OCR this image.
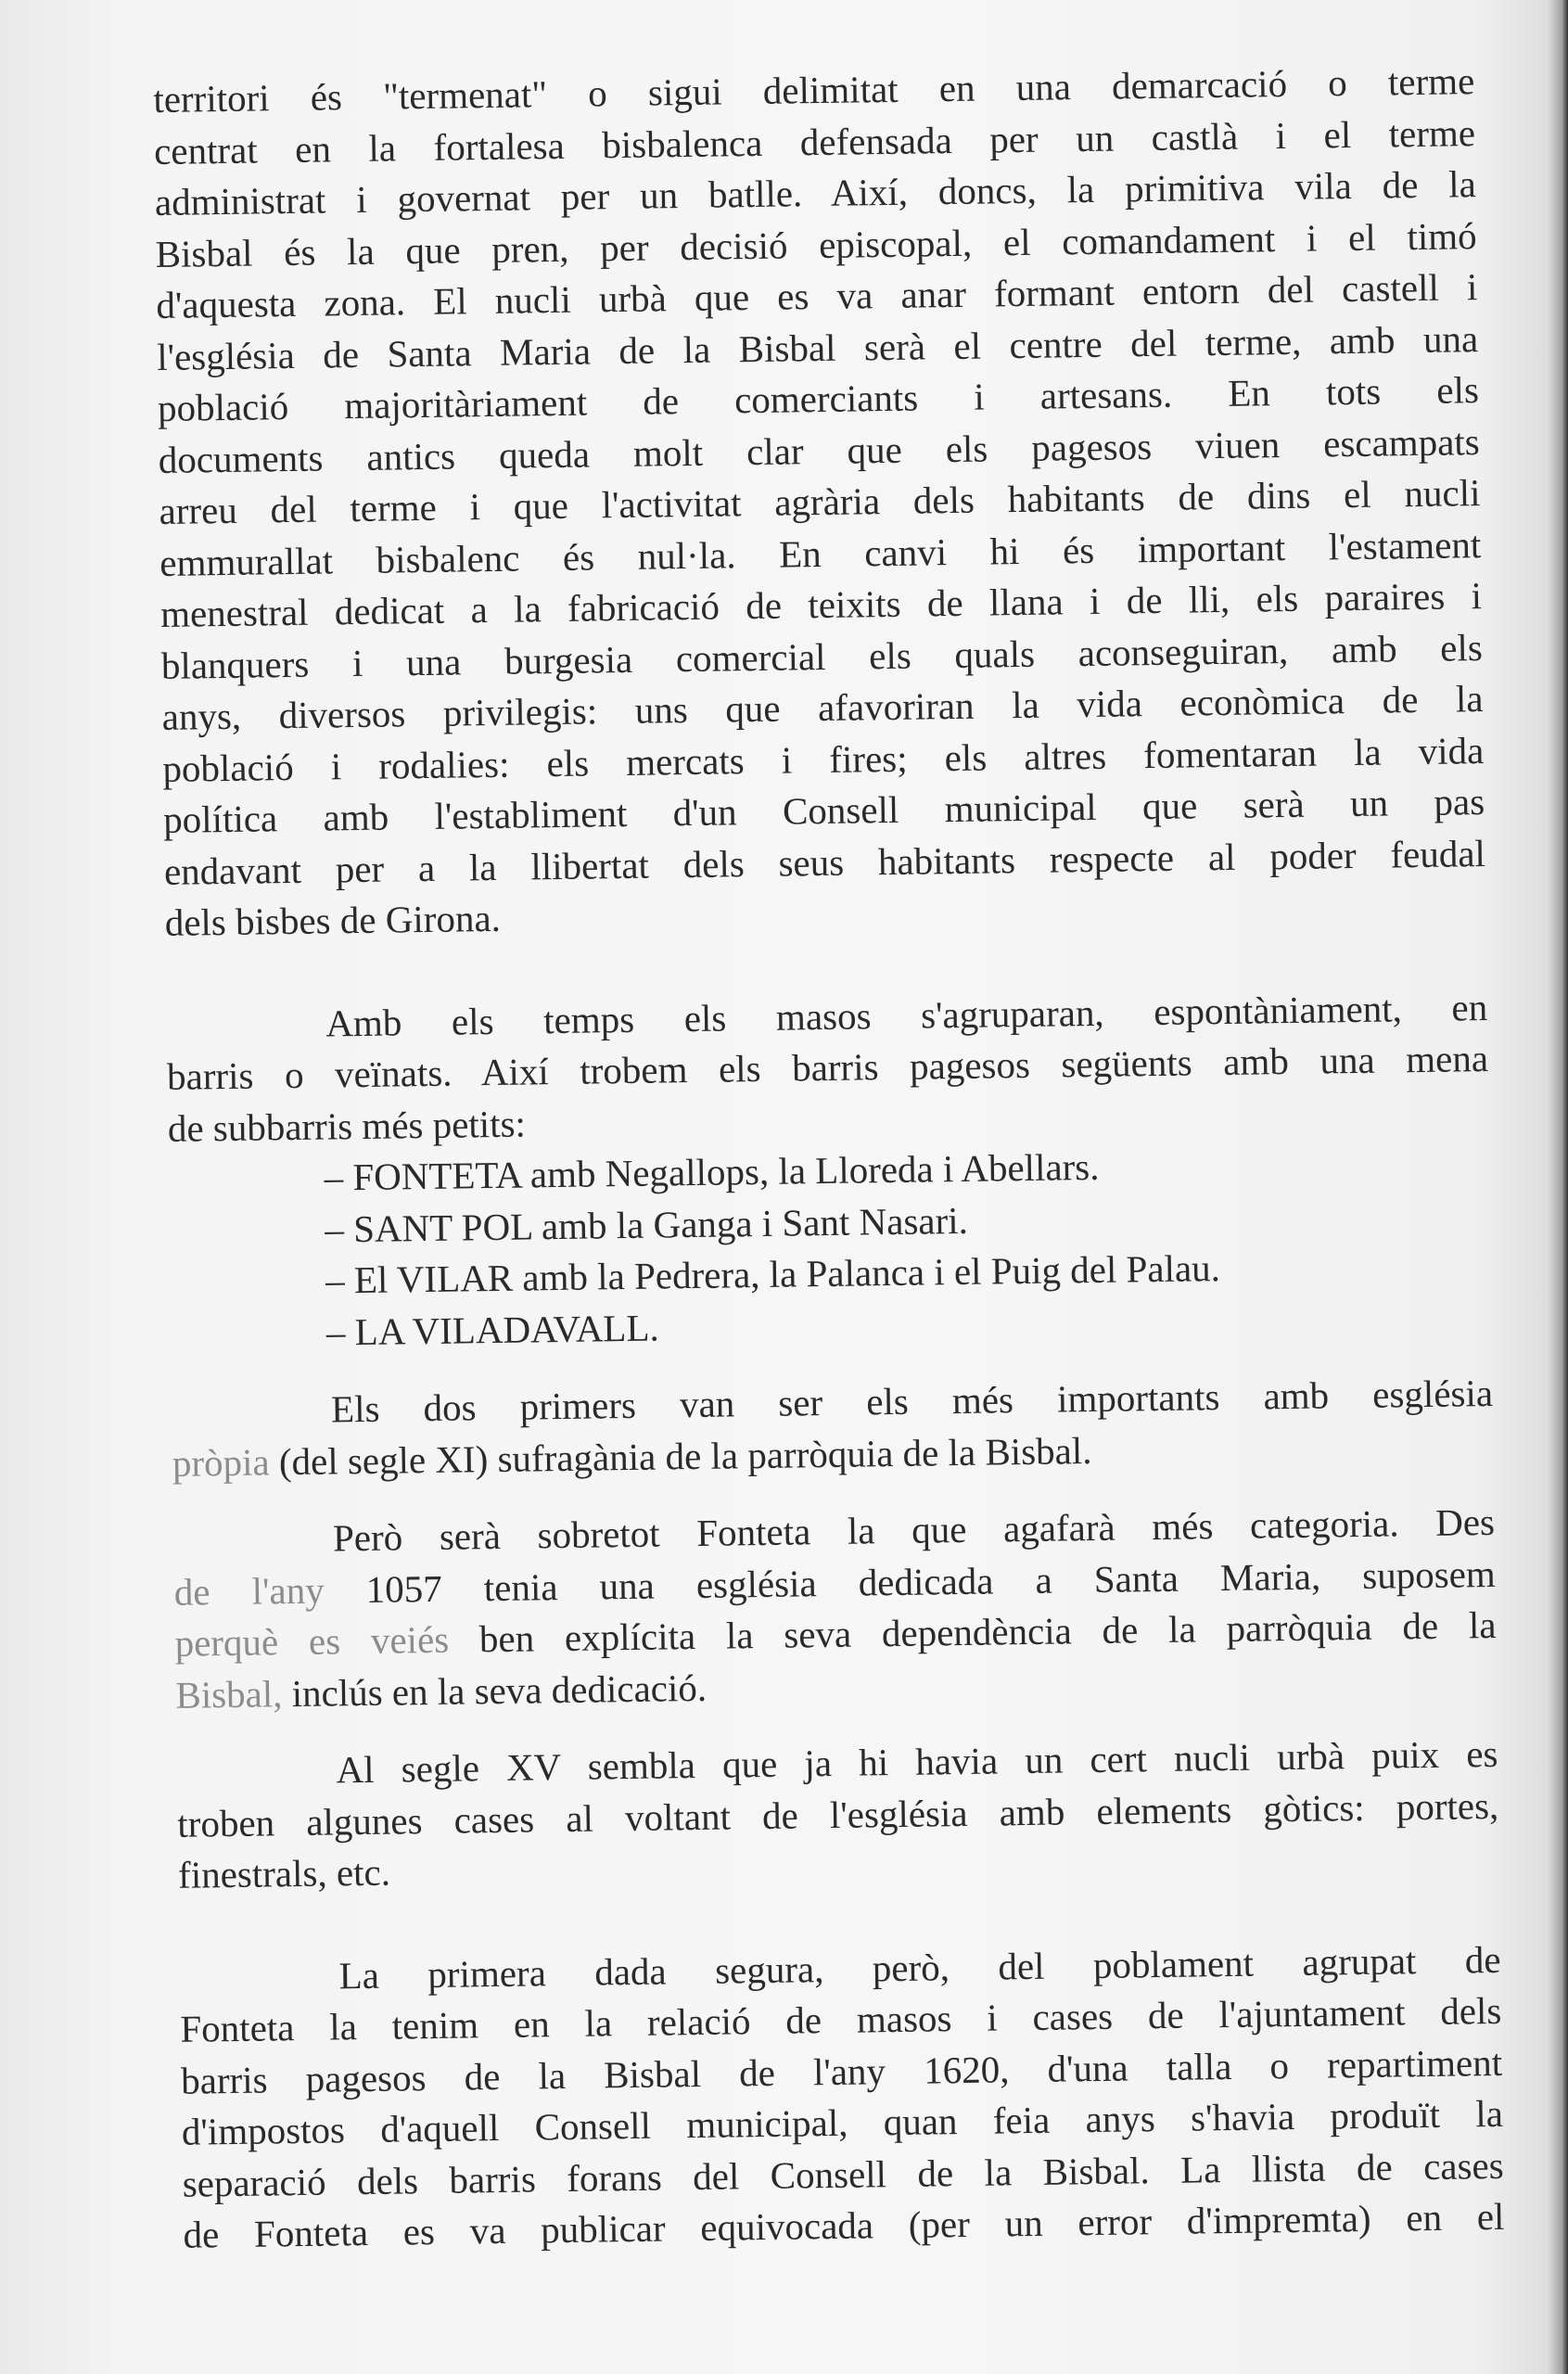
territori és "termenat" o sigui delimitat en una demarcació o terme
centrat en la fortalesa bisbalenca defensada per un castlà i el terme
administrat i governat per un batlle. Així, doncs, la primitiva vila de la
Bisbal és la que pren, per decisió episcopal, el comandament i el timó
d'aquesta zona. El nucli urbà que es va anar formant entorn del castell i
l'església de Santa Maria de la Bisbal serà el centre del terme, amb una
població majoritàriament de comerciants i artesans. En tots els
documents antics queda molt clar que els pagesos viuen escampats
arreu del terme i que l'activitat agrària dels habitants de dins el nucli
emmurallat bisbalenc és nul·la. En canvi hi és important l'estament
menestral dedicat a la fabricació de teixits de llana i de lli, els paraires i
blanquers i una burgesia comercial els quals aconseguiran, amb els
anys, diversos privilegis: uns que afavoriran la vida econòmica de la
població i rodalies: els mercats i fires; els altres fomentaran la vida
política amb l'establiment d'un Consell municipal que serà un pas
endavant per a la llibertat dels seus habitants respecte al poder feudal
dels bisbes de Girona.
Amb els temps els masos s'agruparan, espontàniament, en
barris o veïnats. Així trobem els barris pagesos següents amb una mena
de subbarris més petits:
– FONTETA amb Negallops, la Lloreda i Abellars.
– SANT POL amb la Ganga i Sant Nasari.
– El VILAR amb la Pedrera, la Palanca i el Puig del Palau.
– LA VILADAVALL.
Els dos primers van ser els més importants amb església
pròpia (del segle XI) sufragània de la parròquia de la Bisbal.
Però serà sobretot Fonteta la que agafarà més categoria. Des
de l'any 1057 tenia una església dedicada a Santa Maria, suposem
perquè es veiés ben explícita la seva dependència de la parròquia de la
Bisbal, inclús en la seva dedicació.
Al segle XV sembla que ja hi havia un cert nucli urbà puix es
troben algunes cases al voltant de l'església amb elements gòtics: portes,
finestrals, etc.
La primera dada segura, però, del poblament agrupat de
Fonteta la tenim en la relació de masos i cases de l'ajuntament dels
barris pagesos de la Bisbal de l'any 1620, d'una talla o repartiment
d'impostos d'aquell Consell municipal, quan feia anys s'havia produït la
separació dels barris forans del Consell de la Bisbal. La llista de cases
de Fonteta es va publicar equivocada (per un error d'impremta) en el
